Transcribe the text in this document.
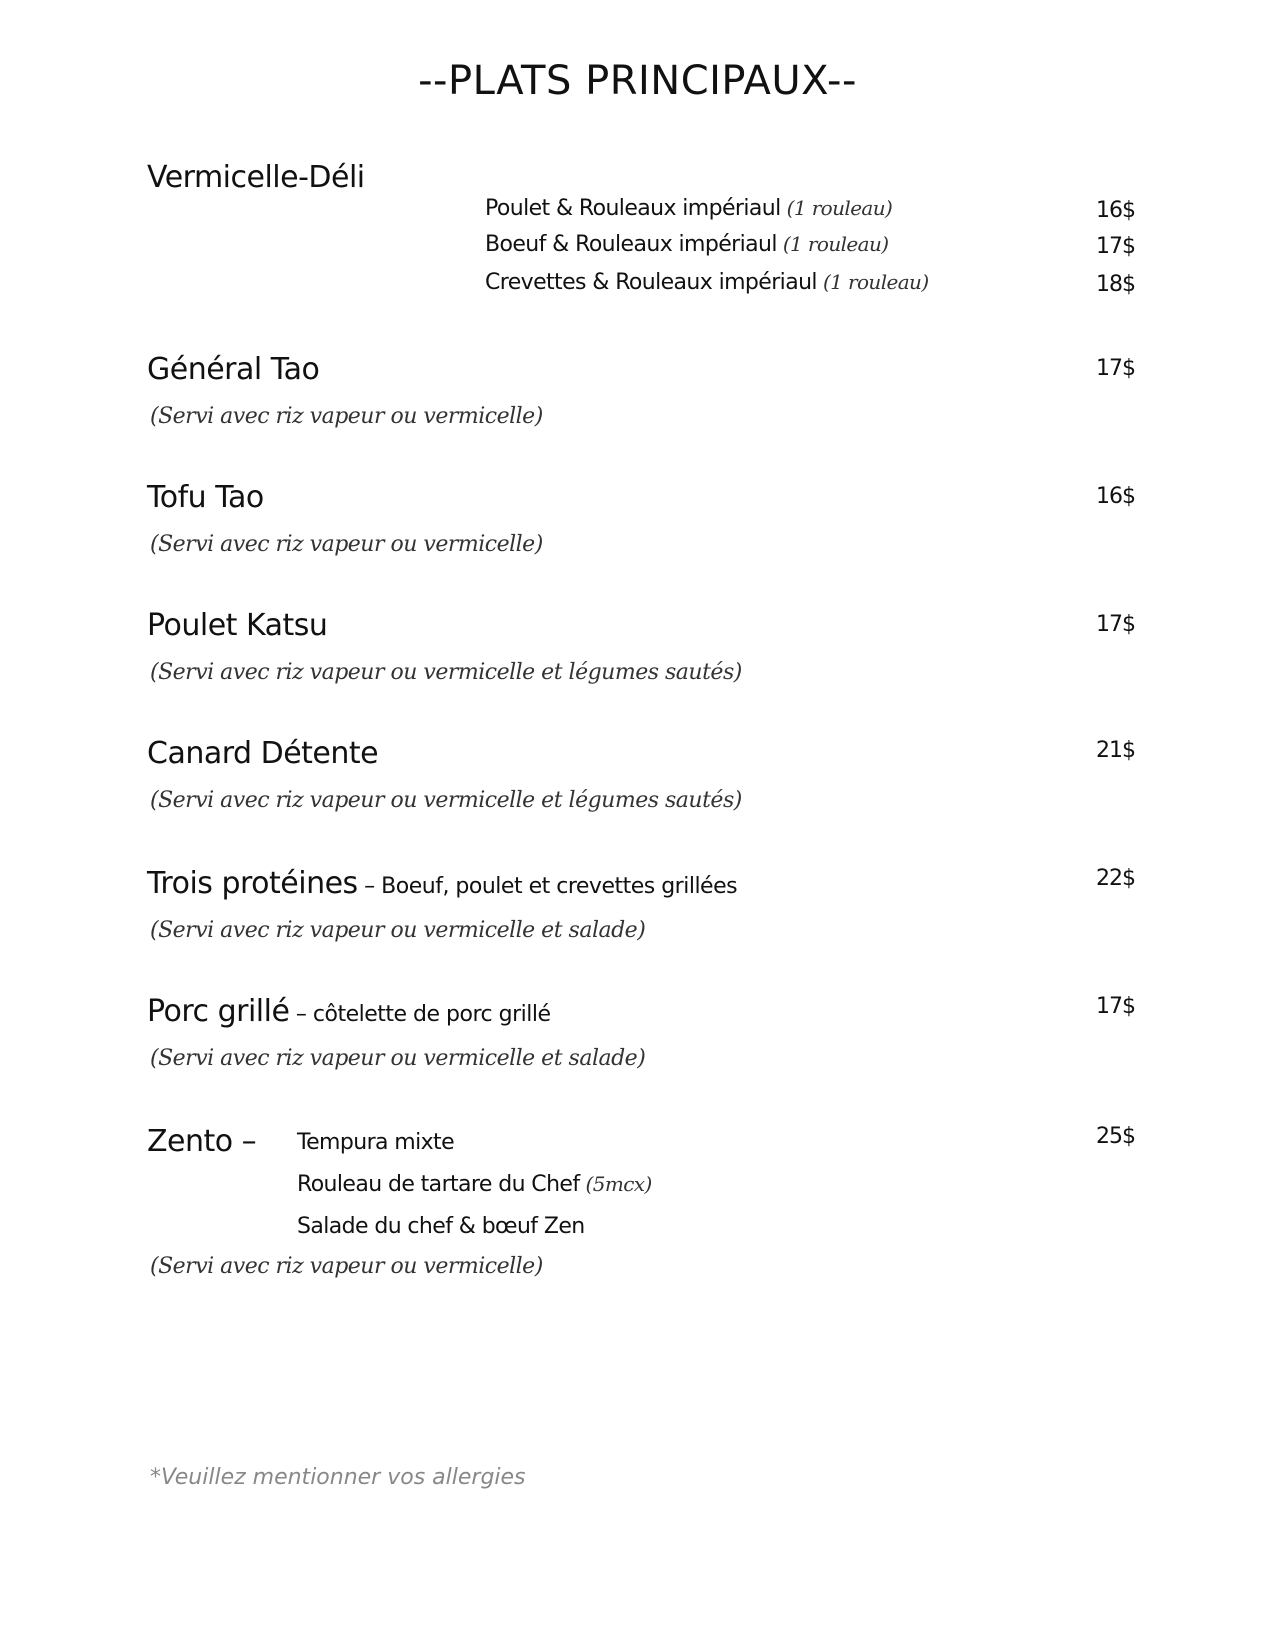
--PLATS PRINCIPAUX--
Vermicelle-Déli
Poulet & Rouleaux impériaul (1 rouleau)	16$
Boeuf & Rouleaux impériaul (1 rouleau)	17$
Crevettes & Rouleaux impériaul (1 rouleau)	18$
Général Tao	17$
(Servi avec riz vapeur ou vermicelle)
Tofu Tao	16$
(Servi avec riz vapeur ou vermicelle)
Poulet Katsu	17$
(Servi avec riz vapeur ou vermicelle et légumes sautés)
Canard Détente	21$
(Servi avec riz vapeur ou vermicelle et légumes sautés)
Trois protéines – Boeuf, poulet et crevettes grillées	22$
(Servi avec riz vapeur ou vermicelle et salade)
Porc grillé – côtelette de porc grillé	17$
(Servi avec riz vapeur ou vermicelle et salade)
Zento –	25$
Tempura mixte
Rouleau de tartare du Chef (5mcx)
Salade du chef & bœuf Zen
(Servi avec riz vapeur ou vermicelle)
*Veuillez mentionner vos allergies
